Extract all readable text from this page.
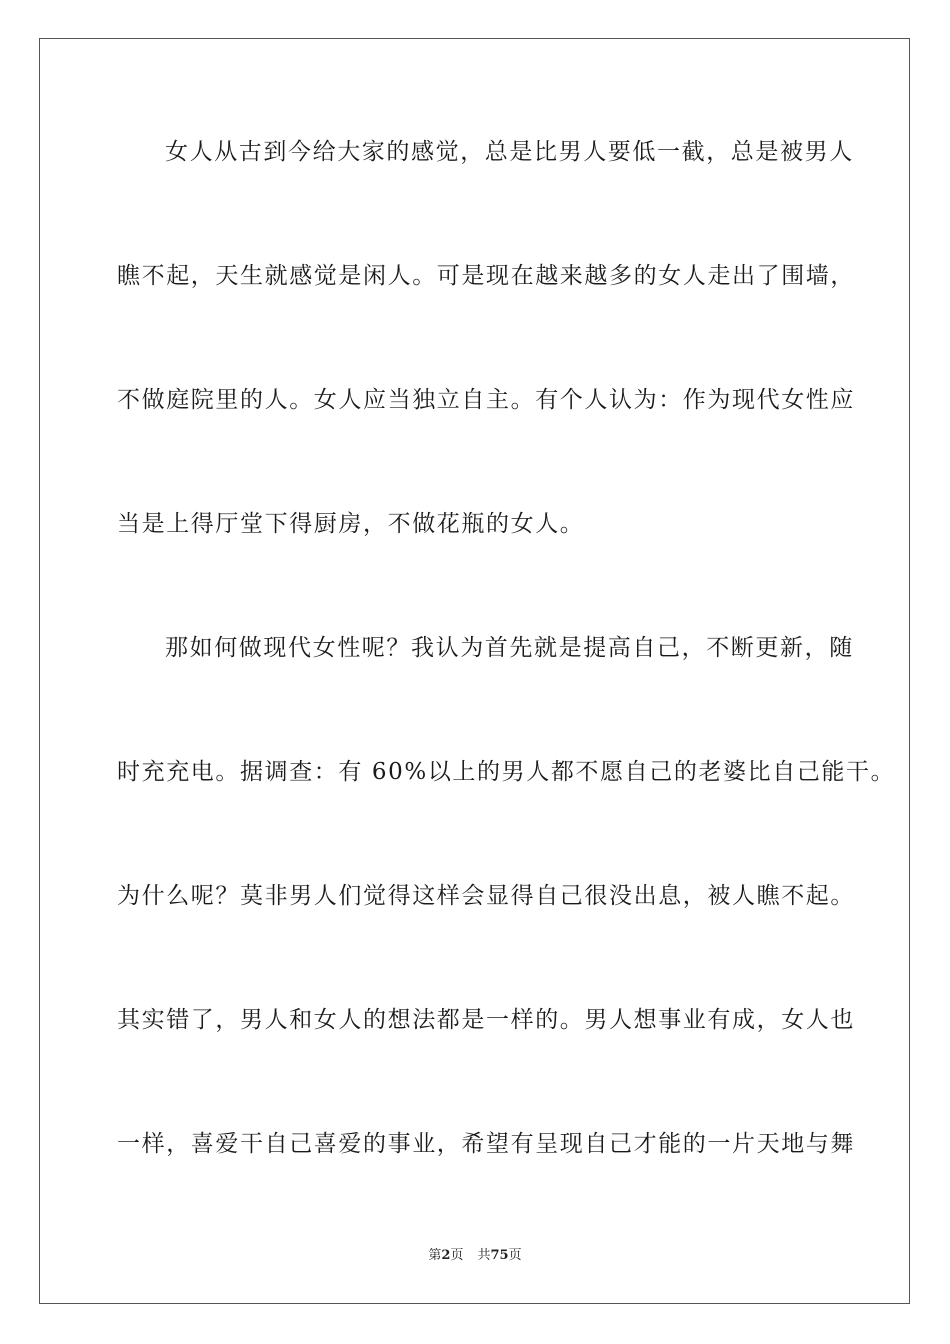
女人从古到今给大家的感觉，总是比男人要低一截，总是被男人
瞧不起，天生就感觉是闲人。可是现在越来越多的女人走出了围墙，
不做庭院里的人。女人应当独立自主。有个人认为：作为现代女性应
当是上得厅堂下得厨房，不做花瓶的女人。
那如何做现代女性呢？我认为首先就是提高自己，不断更新，随
时充充电。据调查：有 60%以上的男人都不愿自己的老婆比自己能干。
为什么呢？莫非男人们觉得这样会显得自己很没出息，被人瞧不起。
其实错了，男人和女人的想法都是一样的。男人想事业有成，女人也
一样，喜爱干自己喜爱的事业，希望有呈现自己才能的一片天地与舞
第2页 共75页
